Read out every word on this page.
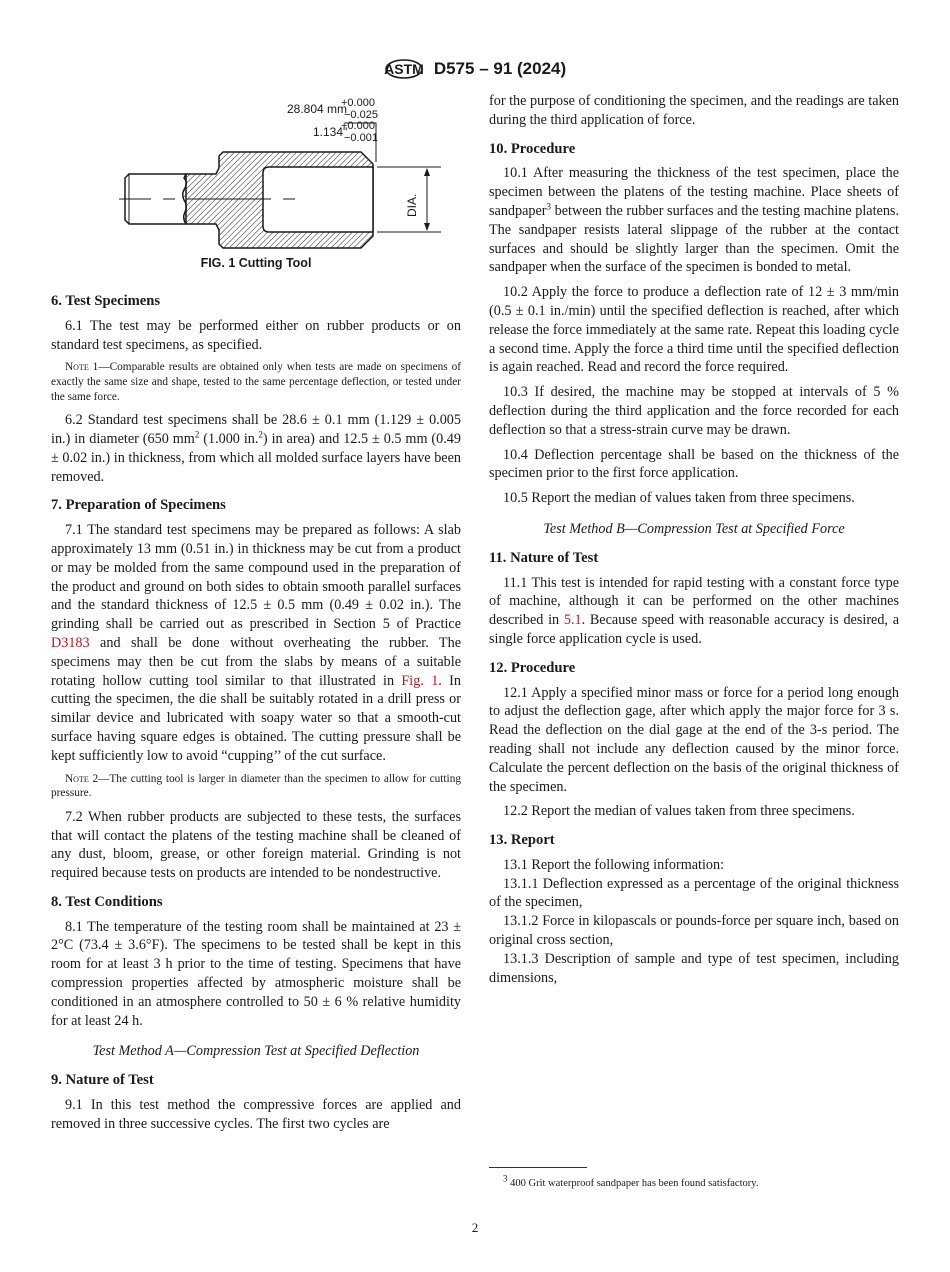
ASTM D575 – 91 (2024)
28.804 mm
+0.000
−0.025
1.134"
+0.000
−0.001
DIA.
FIG. 1 Cutting Tool
6. Test Specimens

6.1 The test may be performed either on rubber products or on standard test specimens, as specified.

Note 1—Comparable results are obtained only when tests are made on specimens of exactly the same size and shape, tested to the same percentage deflection, or tested under the same force.

6.2 Standard test specimens shall be 28.6 ± 0.1 mm (1.129 ± 0.005 in.) in diameter (650 $mm^2$ (1.000 in.$^2$) in area) and 12.5 ± 0.5 mm (0.49 ± 0.02 in.) in thickness, from which all molded surface layers have been removed.

7. Preparation of Specimens

7.1 The standard test specimens may be prepared as follows: A slab approximately 13 mm (0.51 in.) in thickness may be cut from a product or may be molded from the same compound used in the preparation of the product and ground on both sides to obtain smooth parallel surfaces and the standard thickness of 12.5 ± 0.5 mm (0.49 ± 0.02 in.). The grinding shall be carried out as prescribed in Section 5 of Practice D3183 and shall be done without overheating the rubber. The specimens may then be cut from the slabs by means of a suitable rotating hollow cutting tool similar to that illustrated in Fig. 1. In cutting the specimen, the die shall be suitably rotated in a drill press or similar device and lubricated with soapy water so that a smooth-cut surface having square edges is obtained. The cutting pressure shall be kept sufficiently low to avoid “cupping’’ of the cut surface.

Note 2—The cutting tool is larger in diameter than the specimen to allow for cutting pressure.

7.2 When rubber products are subjected to these tests, the surfaces that will contact the platens of the testing machine shall be cleaned of any dust, bloom, grease, or other foreign material. Grinding is not required because tests on products are intended to be nondestructive.

8. Test Conditions

8.1 The temperature of the testing room shall be maintained at 23 ± 2°C (73.4 ± 3.6°F). The specimens to be tested shall be kept in this room for at least 3 h prior to the time of testing. Specimens that have compression properties affected by atmospheric moisture shall be conditioned in an atmosphere controlled to 50 ± 6 % relative humidity for at least 24 h.

Test Method A—Compression Test at Specified Deflection

9. Nature of Test

9.1 In this test method the compressive forces are applied and removed in three successive cycles. The first two cycles are

for the purpose of conditioning the specimen, and the readings are taken during the third application of force.

10. Procedure

10.1 After measuring the thickness of the test specimen, place the specimen between the platens of the testing machine. Place sheets of sandpaper$^3$ between the rubber surfaces and the testing machine platens. The sandpaper resists lateral slippage of the rubber at the contact surfaces and should be slightly larger than the specimen. Omit the sandpaper when the surface of the specimen is bonded to metal.

10.2 Apply the force to produce a deflection rate of 12 ± 3 mm/min (0.5 ± 0.1 in./min) until the specified deflection is reached, after which release the force immediately at the same rate. Repeat this loading cycle a second time. Apply the force a third time until the specified deflection is again reached. Read and record the force required.

10.3 If desired, the machine may be stopped at intervals of 5 % deflection during the third application and the force recorded for each deflection so that a stress-strain curve may be drawn.

10.4 Deflection percentage shall be based on the thickness of the specimen prior to the first force application.

10.5 Report the median of values taken from three specimens.

Test Method B—Compression Test at Specified Force

11. Nature of Test

11.1 This test is intended for rapid testing with a constant force type of machine, although it can be performed on the other machines described in 5.1. Because speed with reasonable accuracy is desired, a single force application cycle is used.

12. Procedure

12.1 Apply a specified minor mass or force for a period long enough to adjust the deflection gage, after which apply the major force for 3 s. Read the deflection on the dial gage at the end of the 3-s period. The reading shall not include any deflection caused by the minor force. Calculate the percent deflection on the basis of the original thickness of the specimen.

12.2 Report the median of values taken from three specimens.

13. Report

13.1 Report the following information:

13.1.1 Deflection expressed as a percentage of the original thickness of the specimen,

13.1.2 Force in kilopascals or pounds-force per square inch, based on original cross section,

13.1.3 Description of sample and type of test specimen, including dimensions,

$^3$ 400 Grit waterproof sandpaper has been found satisfactory.
2
